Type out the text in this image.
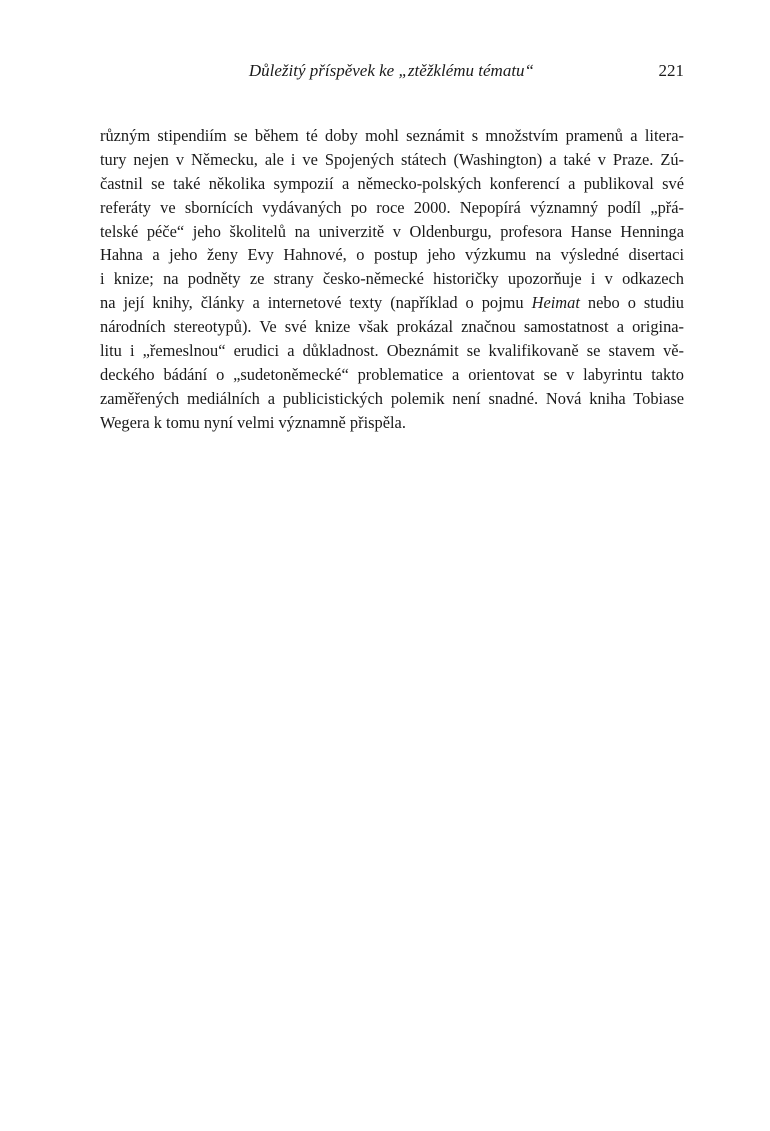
Důležitý příspěvek ke „ztěžklému tématu“	221
různým stipendiím se během té doby mohl seznámit s množstvím pramenů a litera-
tury nejen v Německu, ale i ve Spojených státech (Washington) a také v Praze. Zú-
častnil se také několika sympozií a německo-polských konferencí a publikoval své
referáty ve sbornících vydávaných po roce 2000. Nepopírá významný podíl „přá-
telské péče“ jeho školitelů na univerzitě v Oldenburgu, profesora Hanse Henninga
Hahna a jeho ženy Evy Hahnové, o postup jeho výzkumu na výsledné disertaci
i knize; na podněty ze strany česko-německé historičky upozorňuje i v odkazech
na její knihy, články a internetové texty (například o pojmu Heimat nebo o studiu
národních stereotypů). Ve své knize však prokázal značnou samostatnost a origina-
litu i „řemeslnou“ erudici a důkladnost. Obeznámit se kvalifikovaně se stavem vě-
deckého bádání o „sudetoněmecké“ problematice a orientovat se v labyrintu takto
zaměřených mediálních a publicistických polemik není snadné. Nová kniha Tobiase
Wegera k tomu nyní velmi významně přispěla.
